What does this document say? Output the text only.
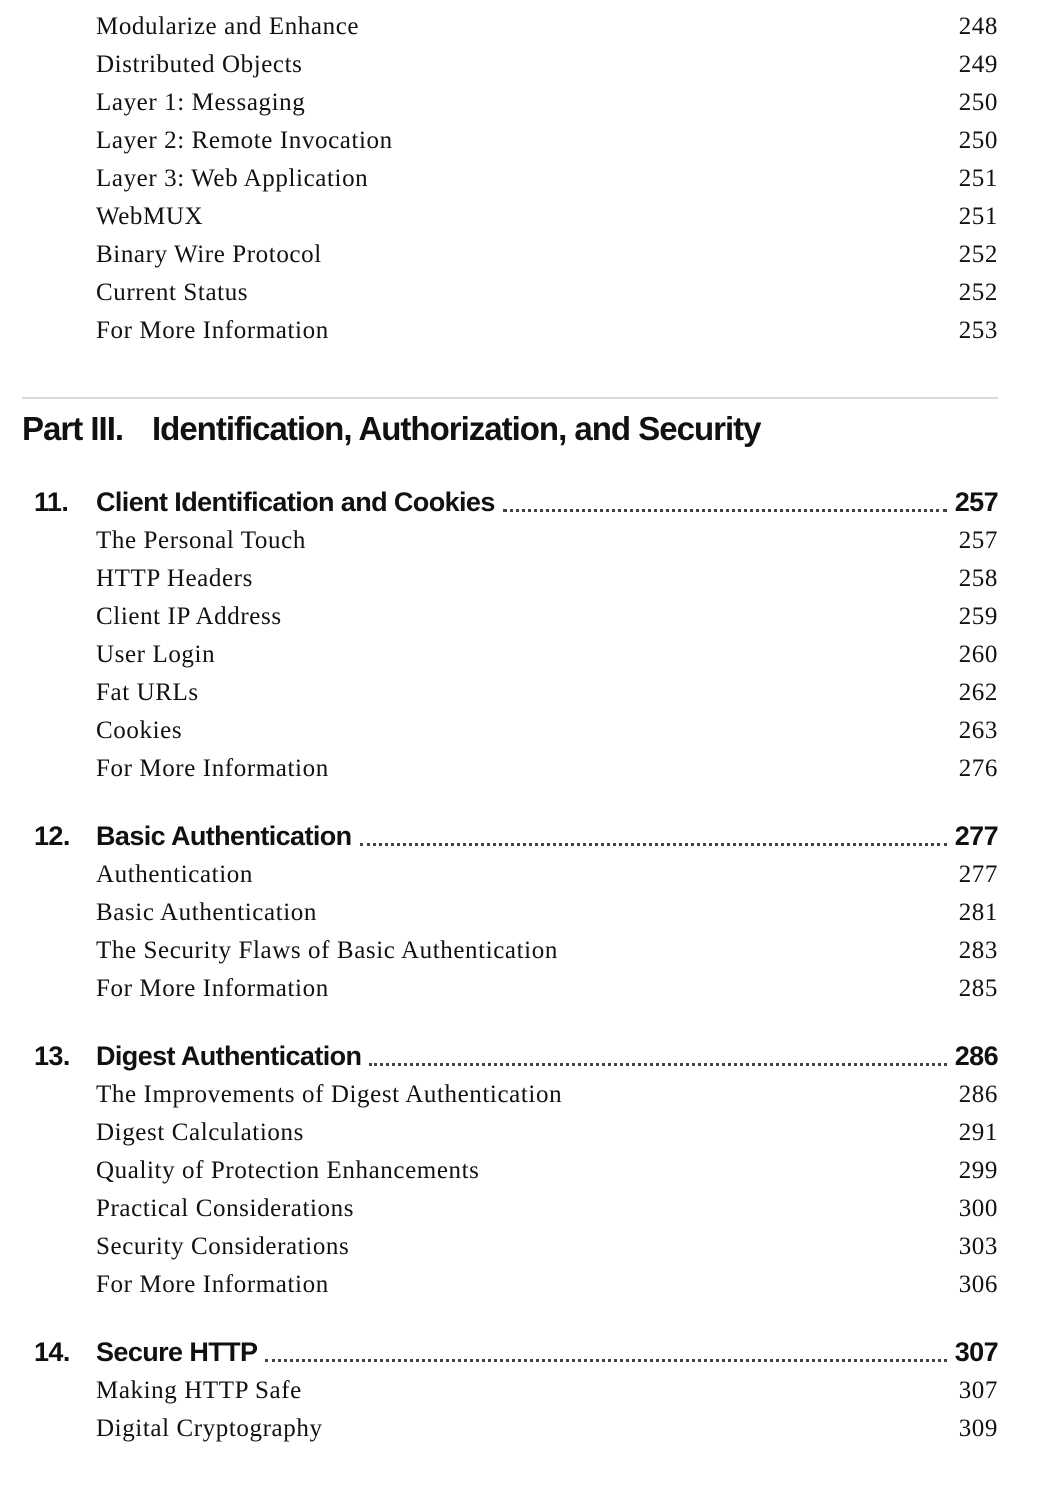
Modularize and Enhance	248
Distributed Objects	249
Layer 1: Messaging	250
Layer 2: Remote Invocation	250
Layer 3: Web Application	251
WebMUX	251
Binary Wire Protocol	252
Current Status	252
For More Information	253
Part III. Identification, Authorization, and Security
11.	Client Identification and Cookies	257
The Personal Touch	257
HTTP Headers	258
Client IP Address	259
User Login	260
Fat URLs	262
Cookies	263
For More Information	276
12. Basic Authentication	277
Authentication	277
Basic Authentication	281
The Security Flaws of Basic Authentication	283
For More Information	285
13. Digest Authentication	286
The Improvements of Digest Authentication	286
Digest Calculations	291
Quality of Protection Enhancements	299
Practical Considerations	300
Security Considerations	303
For More Information	306
14. Secure HTTP	307
Making HTTP Safe	307
Digital Cryptography	309
